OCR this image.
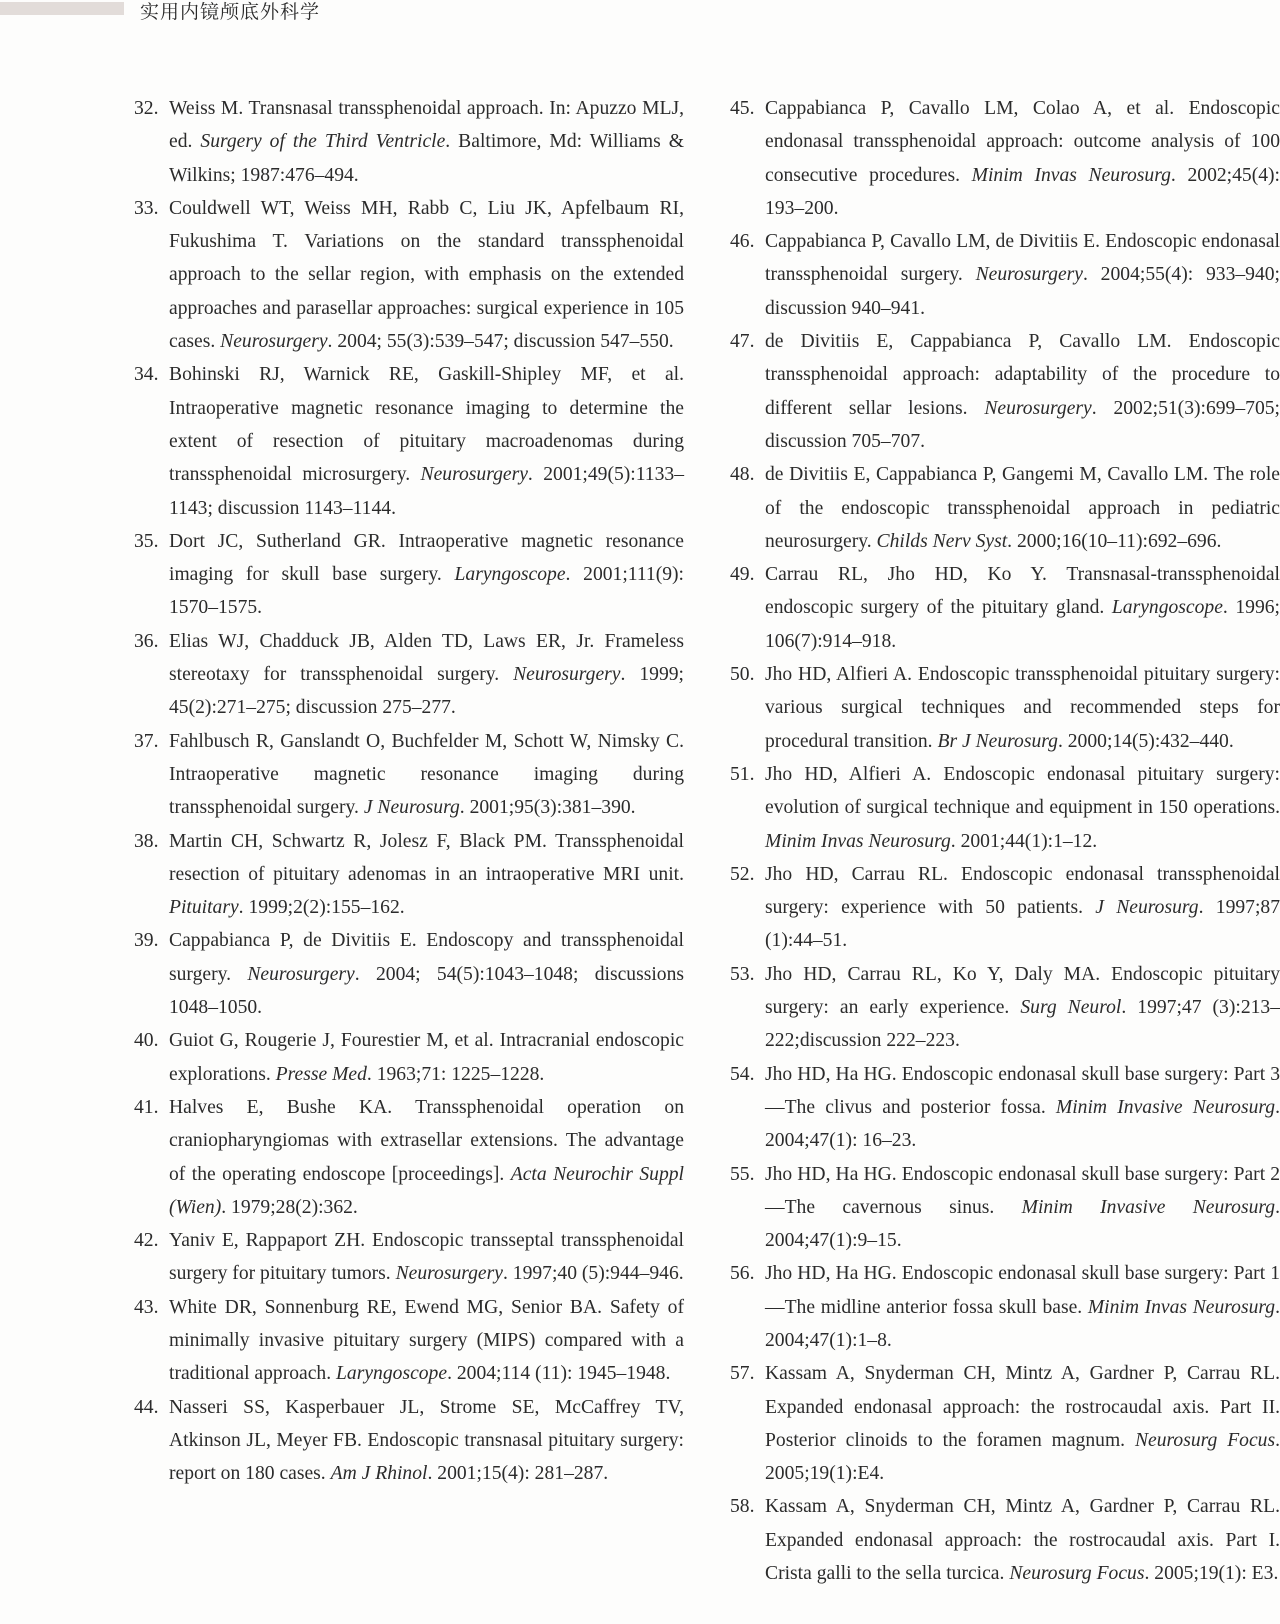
实用内镜颅底外科学
32. Weiss M. Transnasal transsphenoidal approach. In: Apuzzo MLJ, ed. Surgery of the Third Ventricle. Baltimore, Md: Williams & Wilkins; 1987:476–494.
33. Couldwell WT, Weiss MH, Rabb C, Liu JK, Apfelbaum RI, Fukushima T. Variations on the standard transsphenoidal approach to the sellar region, with emphasis on the extended approaches and parasellar approaches: surgical experience in 105 cases. Neurosurgery. 2004; 55(3):539–547; discussion 547–550.
34. Bohinski RJ, Warnick RE, Gaskill-Shipley MF, et al. Intraoperative magnetic resonance imaging to determine the extent of resection of pituitary macroadenomas during transsphenoidal microsurgery. Neurosurgery. 2001;49(5):1133–1143; discussion 1143–1144.
35. Dort JC, Sutherland GR. Intraoperative magnetic resonance imaging for skull base surgery. Laryngoscope. 2001;111(9): 1570–1575.
36. Elias WJ, Chadduck JB, Alden TD, Laws ER, Jr. Frameless stereotaxy for transsphenoidal surgery. Neurosurgery. 1999; 45(2):271–275; discussion 275–277.
37. Fahlbusch R, Ganslandt O, Buchfelder M, Schott W, Nimsky C. Intraoperative magnetic resonance imaging during transsphenoidal surgery. J Neurosurg. 2001;95(3):381–390.
38. Martin CH, Schwartz R, Jolesz F, Black PM. Transsphenoidal resection of pituitary adenomas in an intraoperative MRI unit. Pituitary. 1999;2(2):155–162.
39. Cappabianca P, de Divitiis E. Endoscopy and transsphenoidal surgery. Neurosurgery. 2004; 54(5):1043–1048; discussions 1048–1050.
40. Guiot G, Rougerie J, Fourestier M, et al. Intracranial endoscopic explorations. Presse Med. 1963;71: 1225–1228.
41. Halves E, Bushe KA. Transsphenoidal operation on craniopharyngiomas with extrasellar extensions. The advantage of the operating endoscope [proceedings]. Acta Neurochir Suppl (Wien). 1979;28(2):362.
42. Yaniv E, Rappaport ZH. Endoscopic transseptal transsphenoidal surgery for pituitary tumors. Neurosurgery. 1997;40 (5):944–946.
43. White DR, Sonnenburg RE, Ewend MG, Senior BA. Safety of minimally invasive pituitary surgery (MIPS) compared with a traditional approach. Laryngoscope. 2004;114 (11): 1945–1948.
44. Nasseri SS, Kasperbauer JL, Strome SE, McCaffrey TV, Atkinson JL, Meyer FB. Endoscopic transnasal pituitary surgery: report on 180 cases. Am J Rhinol. 2001;15(4): 281–287.
45. Cappabianca P, Cavallo LM, Colao A, et al. Endoscopic endonasal transsphenoidal approach: outcome analysis of 100 consecutive procedures. Minim Invas Neurosurg. 2002;45(4): 193–200.
46. Cappabianca P, Cavallo LM, de Divitiis E. Endoscopic endonasal transsphenoidal surgery. Neurosurgery. 2004;55(4): 933–940; discussion 940–941.
47. de Divitiis E, Cappabianca P, Cavallo LM. Endoscopic transsphenoidal approach: adaptability of the procedure to different sellar lesions. Neurosurgery. 2002;51(3):699–705; discussion 705–707.
48. de Divitiis E, Cappabianca P, Gangemi M, Cavallo LM. The role of the endoscopic transsphenoidal approach in pediatric neurosurgery. Childs Nerv Syst. 2000;16(10–11):692–696.
49. Carrau RL, Jho HD, Ko Y. Transnasal-transsphenoidal endoscopic surgery of the pituitary gland. Laryngoscope. 1996; 106(7):914–918.
50. Jho HD, Alfieri A. Endoscopic transsphenoidal pituitary surgery: various surgical techniques and recommended steps for procedural transition. Br J Neurosurg. 2000;14(5):432–440.
51. Jho HD, Alfieri A. Endoscopic endonasal pituitary surgery: evolution of surgical technique and equipment in 150 operations. Minim Invas Neurosurg. 2001;44(1):1–12.
52. Jho HD, Carrau RL. Endoscopic endonasal transsphenoidal surgery: experience with 50 patients. J Neurosurg. 1997;87 (1):44–51.
53. Jho HD, Carrau RL, Ko Y, Daly MA. Endoscopic pituitary surgery: an early experience. Surg Neurol. 1997;47 (3):213–222;discussion 222–223.
54. Jho HD, Ha HG. Endoscopic endonasal skull base surgery: Part 3—The clivus and posterior fossa. Minim Invasive Neurosurg. 2004;47(1): 16–23.
55. Jho HD, Ha HG. Endoscopic endonasal skull base surgery: Part 2—The cavernous sinus. Minim Invasive Neurosurg. 2004;47(1):9–15.
56. Jho HD, Ha HG. Endoscopic endonasal skull base surgery: Part 1—The midline anterior fossa skull base. Minim Invas Neurosurg. 2004;47(1):1–8.
57. Kassam A, Snyderman CH, Mintz A, Gardner P, Carrau RL. Expanded endonasal approach: the rostrocaudal axis. Part II. Posterior clinoids to the foramen magnum. Neurosurg Focus. 2005;19(1):E4.
58. Kassam A, Snyderman CH, Mintz A, Gardner P, Carrau RL. Expanded endonasal approach: the rostrocaudal axis. Part I. Crista galli to the sella turcica. Neurosurg Focus. 2005;19(1): E3.
